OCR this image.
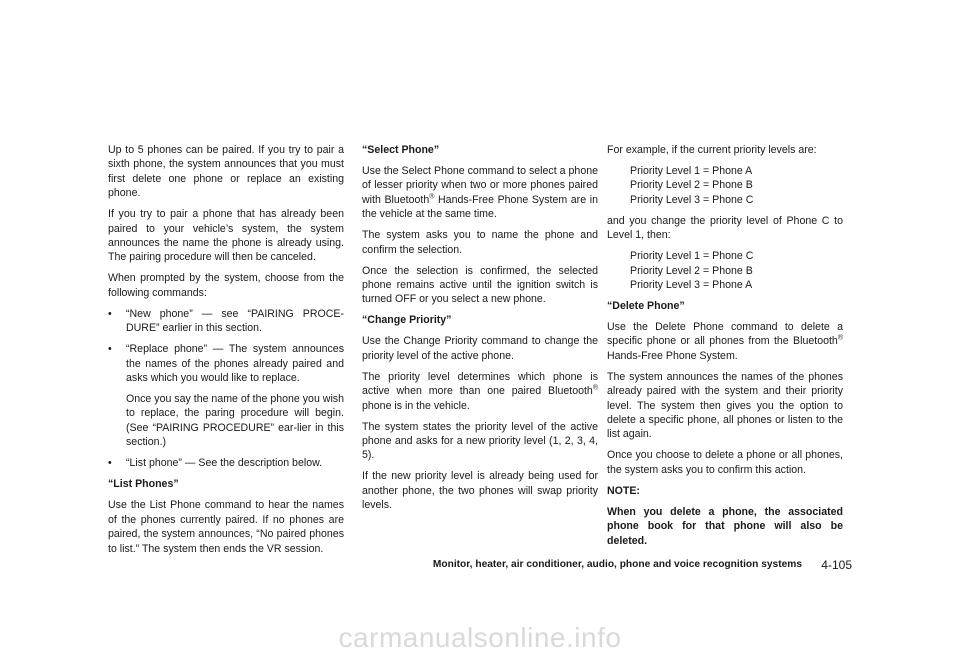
Up to 5 phones can be paired. If you try to pair a sixth phone, the system announces that you must first delete one phone or replace an existing phone.

If you try to pair a phone that has already been paired to your vehicle’s system, the system announces the name the phone is already using. The pairing procedure will then be canceled.

When prompted by the system, choose from the following commands:

• “New phone” — see “PAIRING PROCE-DURE” earlier in this section.
• “Replace phone” — The system announces the names of the phones already paired and asks which you would like to replace.
Once you say the name of the phone you wish to replace, the paring procedure will begin. (See “PAIRING PROCEDURE” ear-lier in this section.)
• “List phone” — See the description below.
“List Phones”

Use the List Phone command to hear the names of the phones currently paired. If no phones are paired, the system announces, “No paired phones to list.” The system then ends the VR session.

“Select Phone”

Use the Select Phone command to select a phone of lesser priority when two or more phones paired with Bluetooth® Hands-Free Phone System are in the vehicle at the same time.

The system asks you to name the phone and confirm the selection.

Once the selection is confirmed, the selected phone remains active until the ignition switch is turned OFF or you select a new phone.

“Change Priority”

Use the Change Priority command to change the priority level of the active phone.

The priority level determines which phone is active when more than one paired Bluetooth® phone is in the vehicle.

The system states the priority level of the active phone and asks for a new priority level (1, 2, 3, 4, 5).

If the new priority level is already being used for another phone, the two phones will swap priority levels.

For example, if the current priority levels are:

Priority Level 1 = Phone A
Priority Level 2 = Phone B
Priority Level 3 = Phone C

and you change the priority level of Phone C to Level 1, then:

Priority Level 1 = Phone C
Priority Level 2 = Phone B
Priority Level 3 = Phone A
“Delete Phone”

Use the Delete Phone command to delete a specific phone or all phones from the Bluetooth® Hands-Free Phone System.

The system announces the names of the phones already paired with the system and their priority level. The system then gives you the option to delete a specific phone, all phones or listen to the list again.

Once you choose to delete a phone or all phones, the system asks you to confirm this action.

NOTE:

When you delete a phone, the associated phone book for that phone will also be deleted.

Monitor, heater, air conditioner, audio, phone and voice recognition systems 4-105
carmanualsonline.info
